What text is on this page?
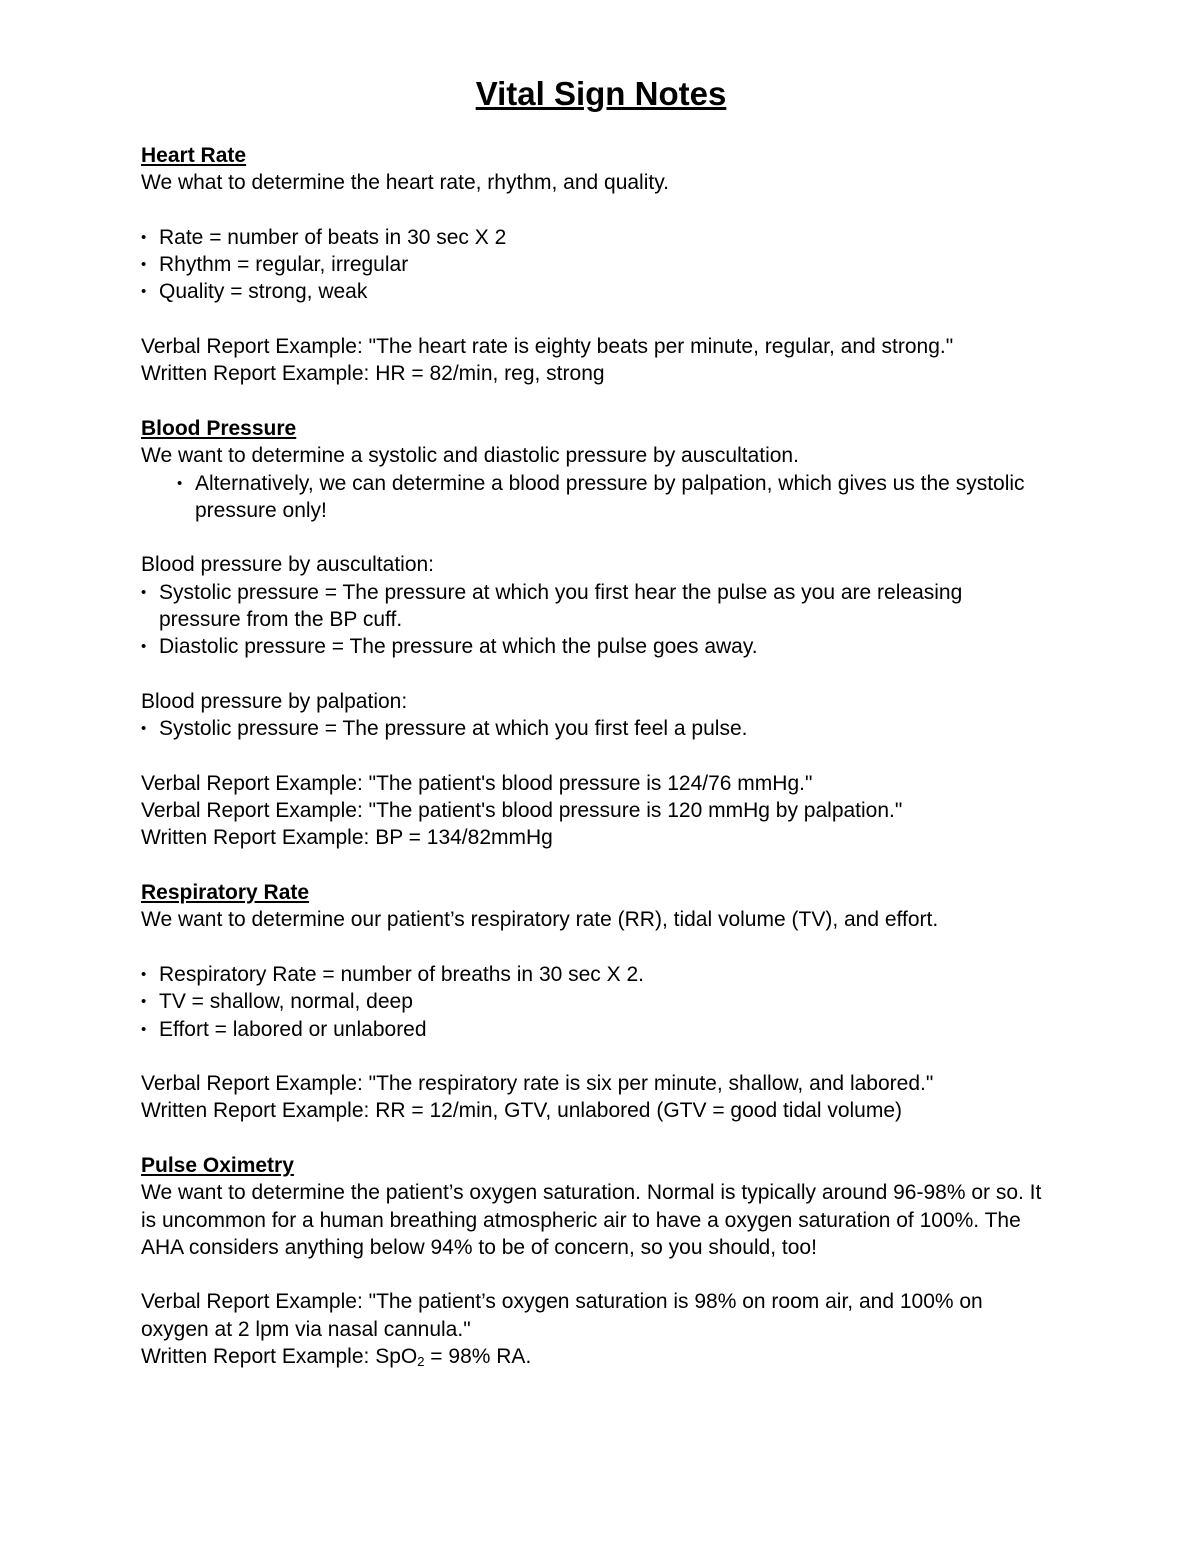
Vital Sign Notes
Heart Rate
We what to determine the heart rate, rhythm, and quality.
• Rate = number of beats in 30 sec X 2
• Rhythm = regular, irregular
• Quality = strong, weak
Verbal Report Example: "The heart rate is eighty beats per minute, regular, and strong."
Written Report Example: HR = 82/min, reg, strong
Blood Pressure
We want to determine a systolic and diastolic pressure by auscultation.
• Alternatively, we can determine a blood pressure by palpation, which gives us the systolic pressure only!
Blood pressure by auscultation:
• Systolic pressure = The pressure at which you first hear the pulse as you are releasing pressure from the BP cuff.
• Diastolic pressure = The pressure at which the pulse goes away.
Blood pressure by palpation:
• Systolic pressure = The pressure at which you first feel a pulse.
Verbal Report Example: "The patient's blood pressure is 124/76 mmHg."
Verbal Report Example: "The patient's blood pressure is 120 mmHg by palpation."
Written Report Example: BP = 134/82mmHg
Respiratory Rate
We want to determine our patient’s respiratory rate (RR), tidal volume (TV), and effort.
• Respiratory Rate = number of breaths in 30 sec X 2.
• TV = shallow, normal, deep
• Effort = labored or unlabored
Verbal Report Example: "The respiratory rate is six per minute, shallow, and labored."
Written Report Example: RR = 12/min, GTV, unlabored (GTV = good tidal volume)
Pulse Oximetry
We want to determine the patient’s oxygen saturation. Normal is typically around 96-98% or so. It is uncommon for a human breathing atmospheric air to have a oxygen saturation of 100%. The AHA considers anything below 94% to be of concern, so you should, too!
Verbal Report Example: "The patient’s oxygen saturation is 98% on room air, and 100% on oxygen at 2 lpm via nasal cannula."
Written Report Example: SpO$_2$ = 98% RA.
